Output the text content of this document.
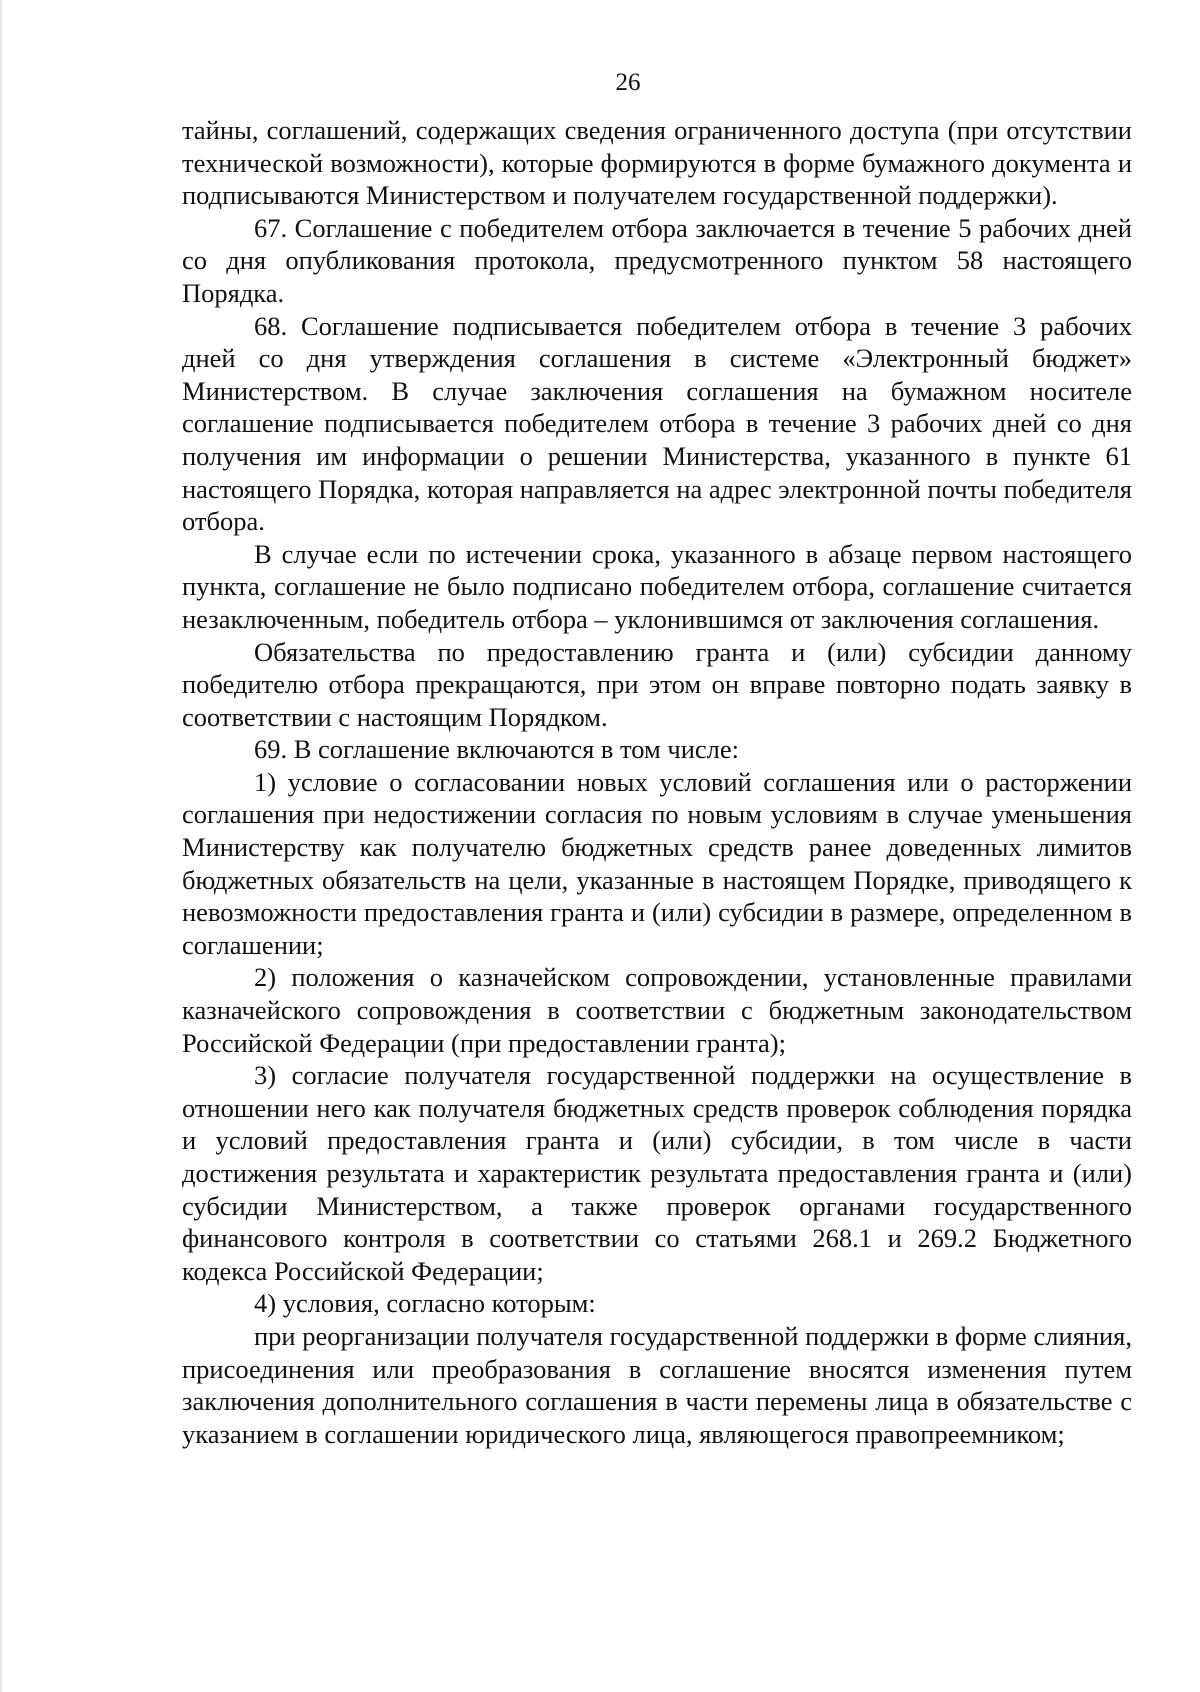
26

тайны, соглашений, содержащих сведения ограниченного доступа (при отсутствии технической возможности), которые формируются в форме бумажного документа и подписываются Министерством и получателем государственной поддержки).

67. Соглашение с победителем отбора заключается в течение 5 рабочих дней со дня опубликования протокола, предусмотренного пунктом 58 настоящего Порядка.

68. Соглашение подписывается победителем отбора в течение 3 рабочих дней со дня утверждения соглашения в системе «Электронный бюджет» Министерством. В случае заключения соглашения на бумажном носителе соглашение подписывается победителем отбора в течение 3 рабочих дней со дня получения им информации о решении Министерства, указанного в пункте 61 настоящего Порядка, которая направляется на адрес электронной почты победителя отбора.

В случае если по истечении срока, указанного в абзаце первом настоящего пункта, соглашение не было подписано победителем отбора, соглашение считается незаключенным, победитель отбора – уклонившимся от заключения соглашения.

Обязательства по предоставлению гранта и (или) субсидии данному победителю отбора прекращаются, при этом он вправе повторно подать заявку в соответствии с настоящим Порядком.

69. В соглашение включаются в том числе:

1) условие о согласовании новых условий соглашения или о расторжении соглашения при недостижении согласия по новым условиям в случае уменьшения Министерству как получателю бюджетных средств ранее доведенных лимитов бюджетных обязательств на цели, указанные в настоящем Порядке, приводящего к невозможности предоставления гранта и (или) субсидии в размере, определенном в соглашении;

2) положения о казначейском сопровождении, установленные правилами казначейского сопровождения в соответствии с бюджетным законодательством Российской Федерации (при предоставлении гранта);

3) согласие получателя государственной поддержки на осуществление в отношении него как получателя бюджетных средств проверок соблюдения порядка и условий предоставления гранта и (или) субсидии, в том числе в части достижения результата и характеристик результата предоставления гранта и (или) субсидии Министерством, а также проверок органами государственного финансового контроля в соответствии со статьями 268.1 и 269.2 Бюджетного кодекса Российской Федерации;

4) условия, согласно которым:

при реорганизации получателя государственной поддержки в форме слияния, присоединения или преобразования в соглашение вносятся изменения путем заключения дополнительного соглашения в части перемены лица в обязательстве с указанием в соглашении юридического лица, являющегося правопреемником;
